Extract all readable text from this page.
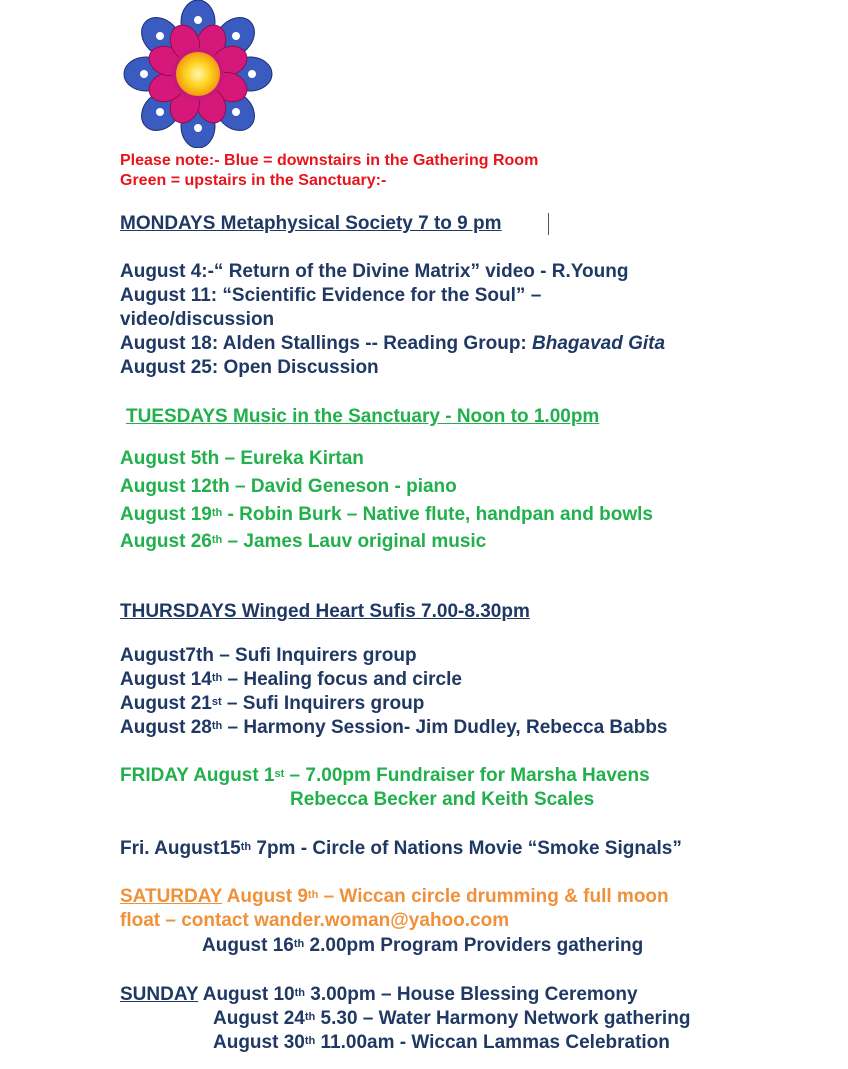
Please note:- Blue = downstairs in the Gathering Room
Green = upstairs in the Sanctuary:-
MONDAYS Metaphysical Society 7 to 9 pm
August 4:-“ Return of the Divine Matrix” video - R.Young
August 11: “Scientific Evidence for the Soul” –
video/discussion
August 18: Alden Stallings -- Reading Group: Bhagavad Gita
August 25: Open Discussion
TUESDAYS Music in the Sanctuary - Noon to 1.00pm
August 5th – Eureka Kirtan
August 12th – David Geneson - piano
August 19th - Robin Burk – Native flute, handpan and bowls
August 26th – James Lauv original music
THURSDAYS Winged Heart Sufis 7.00-8.30pm
August7th – Sufi Inquirers group
August 14th – Healing focus and circle
August 21st – Sufi Inquirers group
August 28th – Harmony Session- Jim Dudley, Rebecca Babbs
FRIDAY August 1st – 7.00pm Fundraiser for Marsha Havens
Rebecca Becker and Keith Scales
Fri. August15th 7pm - Circle of Nations Movie “Smoke Signals”
SATURDAY August 9th – Wiccan circle drumming & full moon
float – contact wander.woman@yahoo.com
August 16th 2.00pm Program Providers gathering
SUNDAY August 10th 3.00pm – House Blessing Ceremony
August 24th 5.30 – Water Harmony Network gathering
August 30th 11.00am - Wiccan Lammas Celebration
